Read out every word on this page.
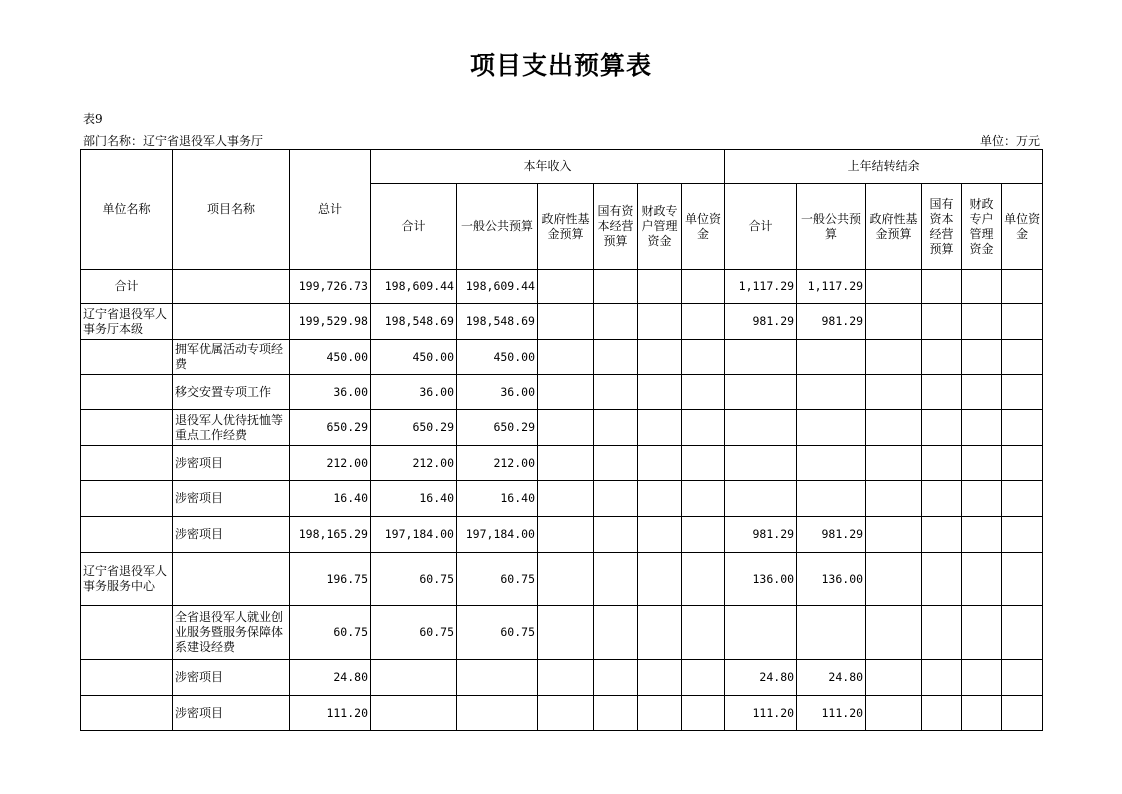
项目支出预算表
表9
部门名称：辽宁省退役军人事务厅	单位：万元
单位名称	项目名称	总计	本年收入						上年结转结余					
			合计	一般公共预算	政府性基金预算	国有资本经营预算	财政专户管理资金	单位资金	合计	一般公共预算	政府性基金预算	国有资本经营预算	财政专户管理资金	单位资金
合计		199,726.73	198,609.44	198,609.44					1,117.29	1,117.29				
辽宁省退役军人事务厅本级		199,529.98	198,548.69	198,548.69					981.29	981.29				
	拥军优属活动专项经费	450.00	450.00	450.00										
	移交安置专项工作	36.00	36.00	36.00										
	退役军人优待抚恤等重点工作经费	650.29	650.29	650.29										
	涉密项目	212.00	212.00	212.00										
	涉密项目	16.40	16.40	16.40										
	涉密项目	198,165.29	197,184.00	197,184.00					981.29	981.29				
辽宁省退役军人事务服务中心		196.75	60.75	60.75					136.00	136.00				
	全省退役军人就业创业服务暨服务保障体系建设经费	60.75	60.75	60.75										
	涉密项目	24.80							24.80	24.80				
	涉密项目	111.20							111.20	111.20				
